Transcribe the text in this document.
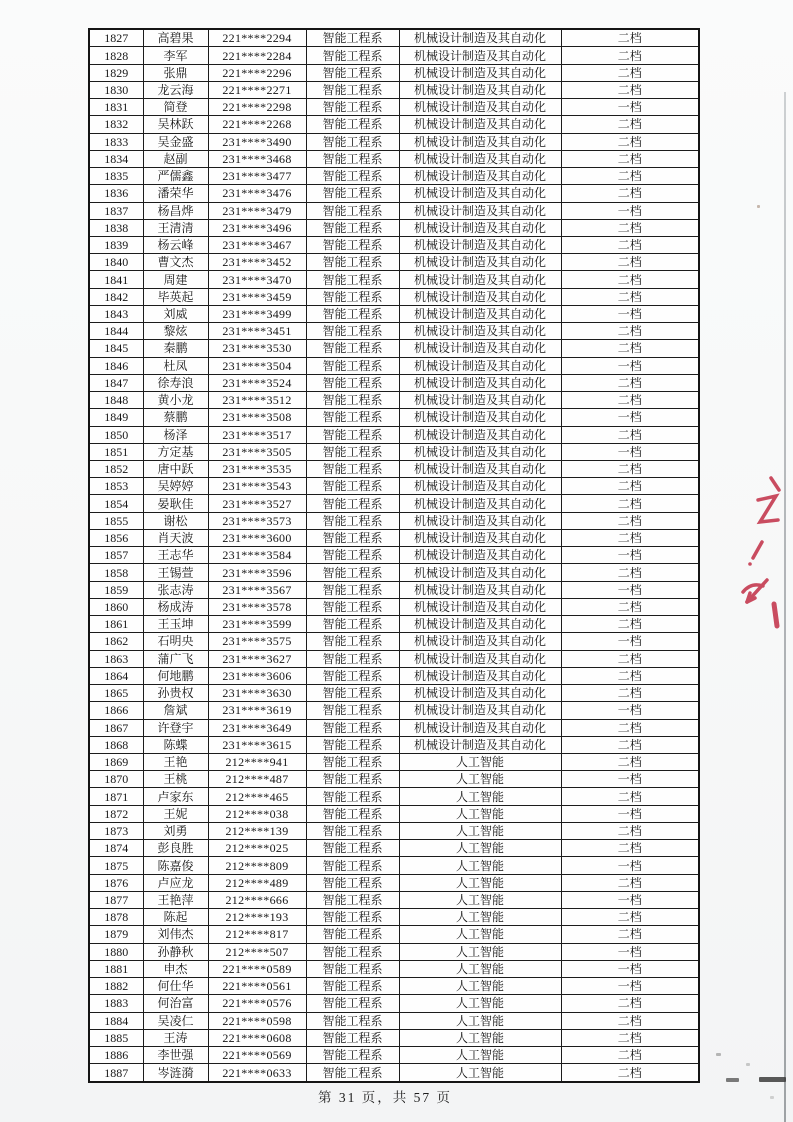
1827	高碧果	221****2294	智能工程系	机械设计制造及其自动化	二档
1828	李军	221****2284	智能工程系	机械设计制造及其自动化	二档
1829	张鼎	221****2296	智能工程系	机械设计制造及其自动化	二档
1830	龙云海	221****2271	智能工程系	机械设计制造及其自动化	二档
1831	简登	221****2298	智能工程系	机械设计制造及其自动化	一档
1832	吴林跃	221****2268	智能工程系	机械设计制造及其自动化	二档
1833	吴金盛	231****3490	智能工程系	机械设计制造及其自动化	二档
1834	赵副	231****3468	智能工程系	机械设计制造及其自动化	二档
1835	严儒鑫	231****3477	智能工程系	机械设计制造及其自动化	二档
1836	潘荣华	231****3476	智能工程系	机械设计制造及其自动化	二档
1837	杨昌烨	231****3479	智能工程系	机械设计制造及其自动化	一档
1838	王清清	231****3496	智能工程系	机械设计制造及其自动化	二档
1839	杨云峰	231****3467	智能工程系	机械设计制造及其自动化	二档
1840	曹文杰	231****3452	智能工程系	机械设计制造及其自动化	二档
1841	周建	231****3470	智能工程系	机械设计制造及其自动化	二档
1842	毕英起	231****3459	智能工程系	机械设计制造及其自动化	二档
1843	刘威	231****3499	智能工程系	机械设计制造及其自动化	一档
1844	黎炫	231****3451	智能工程系	机械设计制造及其自动化	二档
1845	秦鹏	231****3530	智能工程系	机械设计制造及其自动化	二档
1846	杜凤	231****3504	智能工程系	机械设计制造及其自动化	一档
1847	徐寿浪	231****3524	智能工程系	机械设计制造及其自动化	二档
1848	黄小龙	231****3512	智能工程系	机械设计制造及其自动化	二档
1849	蔡鹏	231****3508	智能工程系	机械设计制造及其自动化	一档
1850	杨泽	231****3517	智能工程系	机械设计制造及其自动化	二档
1851	方定基	231****3505	智能工程系	机械设计制造及其自动化	一档
1852	唐中跃	231****3535	智能工程系	机械设计制造及其自动化	二档
1853	吴婷婷	231****3543	智能工程系	机械设计制造及其自动化	二档
1854	晏耿佳	231****3527	智能工程系	机械设计制造及其自动化	二档
1855	谢松	231****3573	智能工程系	机械设计制造及其自动化	二档
1856	肖天波	231****3600	智能工程系	机械设计制造及其自动化	二档
1857	王志华	231****3584	智能工程系	机械设计制造及其自动化	一档
1858	王锡萱	231****3596	智能工程系	机械设计制造及其自动化	二档
1859	张志涛	231****3567	智能工程系	机械设计制造及其自动化	一档
1860	杨成涛	231****3578	智能工程系	机械设计制造及其自动化	二档
1861	王玉坤	231****3599	智能工程系	机械设计制造及其自动化	二档
1862	石明央	231****3575	智能工程系	机械设计制造及其自动化	一档
1863	蒲广飞	231****3627	智能工程系	机械设计制造及其自动化	二档
1864	何地鹏	231****3606	智能工程系	机械设计制造及其自动化	二档
1865	孙贵权	231****3630	智能工程系	机械设计制造及其自动化	二档
1866	詹斌	231****3619	智能工程系	机械设计制造及其自动化	一档
1867	许登宇	231****3649	智能工程系	机械设计制造及其自动化	二档
1868	陈蝶	231****3615	智能工程系	机械设计制造及其自动化	二档
1869	王艳	212****941	智能工程系	人工智能	二档
1870	王桃	212****487	智能工程系	人工智能	一档
1871	卢家东	212****465	智能工程系	人工智能	二档
1872	王妮	212****038	智能工程系	人工智能	一档
1873	刘勇	212****139	智能工程系	人工智能	二档
1874	彭良胜	212****025	智能工程系	人工智能	二档
1875	陈嘉俊	212****809	智能工程系	人工智能	一档
1876	卢应龙	212****489	智能工程系	人工智能	二档
1877	王艳萍	212****666	智能工程系	人工智能	一档
1878	陈起	212****193	智能工程系	人工智能	二档
1879	刘伟杰	212****817	智能工程系	人工智能	二档
1880	孙静秋	212****507	智能工程系	人工智能	一档
1881	申杰	221****0589	智能工程系	人工智能	一档
1882	何仕华	221****0561	智能工程系	人工智能	一档
1883	何治富	221****0576	智能工程系	人工智能	二档
1884	吴凌仁	221****0598	智能工程系	人工智能	二档
1885	王涛	221****0608	智能工程系	人工智能	二档
1886	李世强	221****0569	智能工程系	人工智能	二档
1887	岑涟漪	221****0633	智能工程系	人工智能	二档
第 31 页，共 57 页
